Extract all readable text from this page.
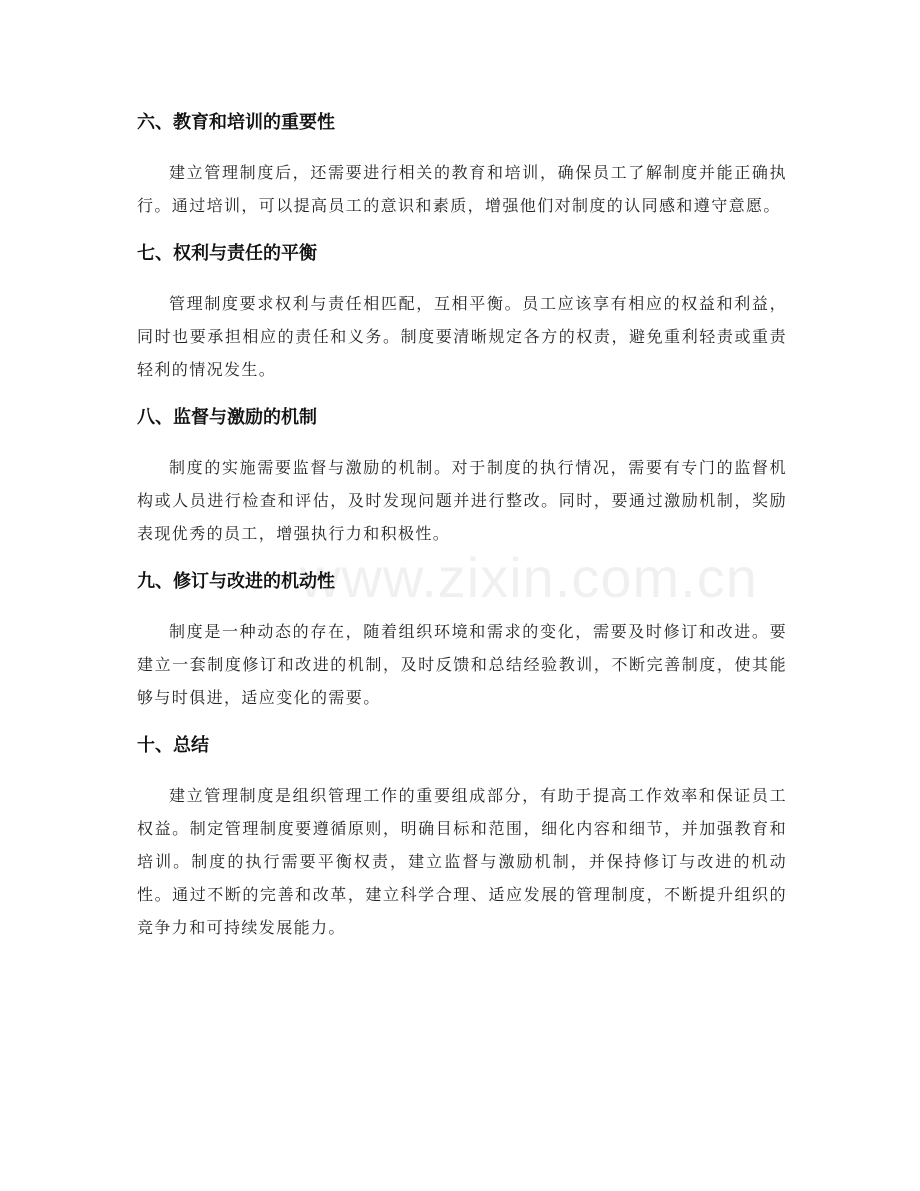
六、教育和培训的重要性

建立管理制度后，还需要进行相关的教育和培训，确保员工了解制度并能正确执行。通过培训，可以提高员工的意识和素质，增强他们对制度的认同感和遵守意愿。

七、权利与责任的平衡

管理制度要求权利与责任相匹配，互相平衡。员工应该享有相应的权益和利益，同时也要承担相应的责任和义务。制度要清晰规定各方的权责，避免重利轻责或重责轻利的情况发生。

八、监督与激励的机制

制度的实施需要监督与激励的机制。对于制度的执行情况，需要有专门的监督机构或人员进行检查和评估，及时发现问题并进行整改。同时，要通过激励机制，奖励表现优秀的员工，增强执行力和积极性。

九、修订与改进的机动性

制度是一种动态的存在，随着组织环境和需求的变化，需要及时修订和改进。要建立一套制度修订和改进的机制，及时反馈和总结经验教训，不断完善制度，使其能够与时俱进，适应变化的需要。

十、总结

建立管理制度是组织管理工作的重要组成部分，有助于提高工作效率和保证员工权益。制定管理制度要遵循原则，明确目标和范围，细化内容和细节，并加强教育和培训。制度的执行需要平衡权责，建立监督与激励机制，并保持修订与改进的机动性。通过不断的完善和改革，建立科学合理、适应发展的管理制度，不断提升组织的竞争力和可持续发展能力。

www.zixin.com.cn
